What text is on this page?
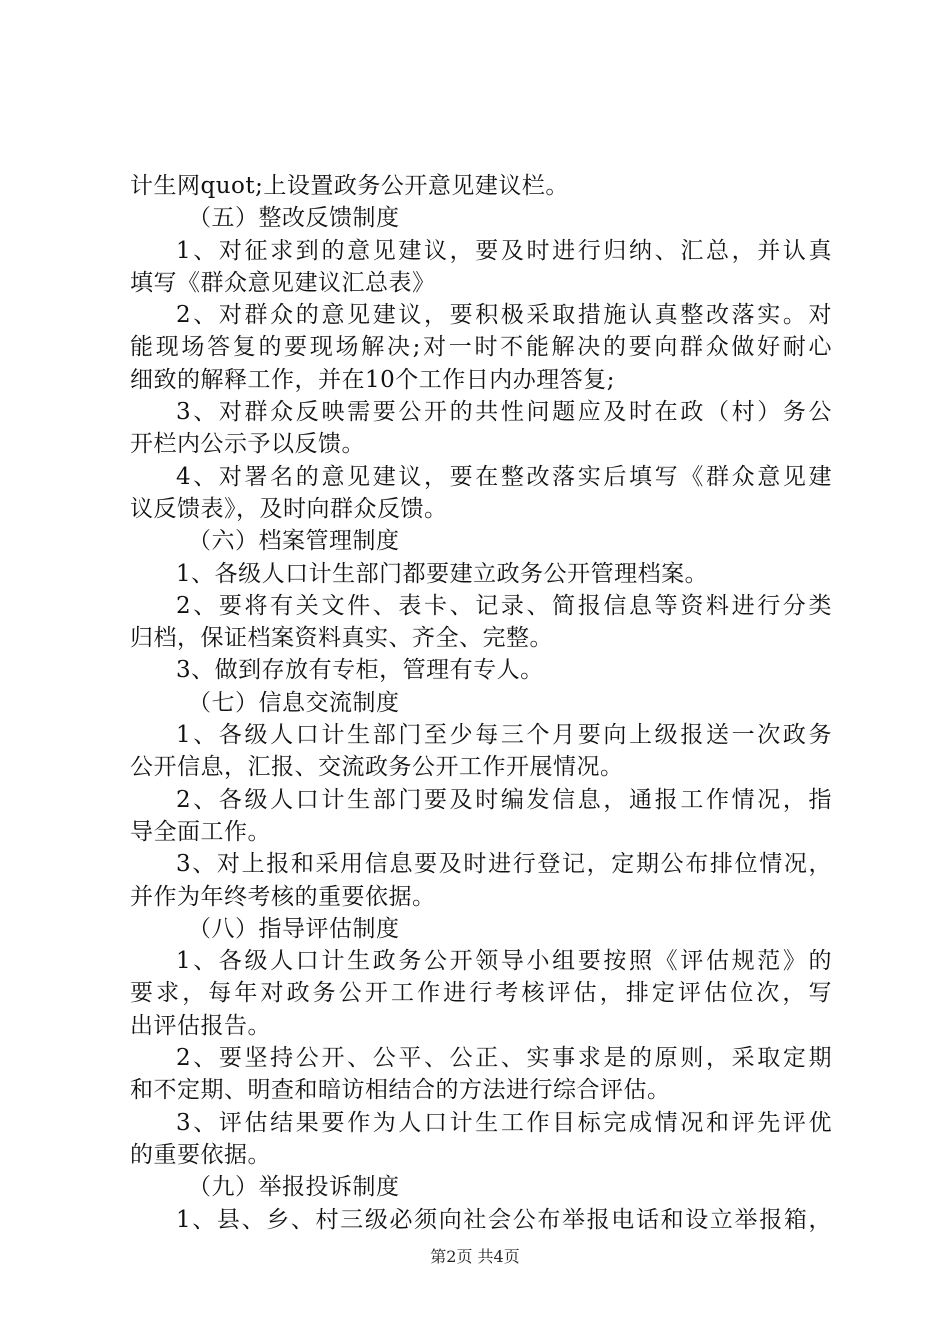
计生网quot;上设置政务公开意见建议栏。
（五）整改反馈制度
1、对征求到的意见建议，要及时进行归纳、汇总，并认真
填写《群众意见建议汇总表》
2、对群众的意见建议，要积极采取措施认真整改落实。对
能现场答复的要现场解决;对一时不能解决的要向群众做好耐心
细致的解释工作，并在10个工作日内办理答复;
3、对群众反映需要公开的共性问题应及时在政（村）务公
开栏内公示予以反馈。
4、对署名的意见建议，要在整改落实后填写《群众意见建
议反馈表》，及时向群众反馈。
（六）档案管理制度
1、各级人口计生部门都要建立政务公开管理档案。
2、要将有关文件、表卡、记录、简报信息等资料进行分类
归档，保证档案资料真实、齐全、完整。
3、做到存放有专柜，管理有专人。
（七）信息交流制度
1、各级人口计生部门至少每三个月要向上级报送一次政务
公开信息，汇报、交流政务公开工作开展情况。
2、各级人口计生部门要及时编发信息，通报工作情况，指
导全面工作。
3、对上报和采用信息要及时进行登记，定期公布排位情况，
并作为年终考核的重要依据。
（八）指导评估制度
1、各级人口计生政务公开领导小组要按照《评估规范》的
要求，每年对政务公开工作进行考核评估，排定评估位次，写
出评估报告。
2、要坚持公开、公平、公正、实事求是的原则，采取定期
和不定期、明查和暗访相结合的方法进行综合评估。
3、评估结果要作为人口计生工作目标完成情况和评先评优
的重要依据。
（九）举报投诉制度
1、县、乡、村三级必须向社会公布举报电话和设立举报箱，
第2页 共4页
